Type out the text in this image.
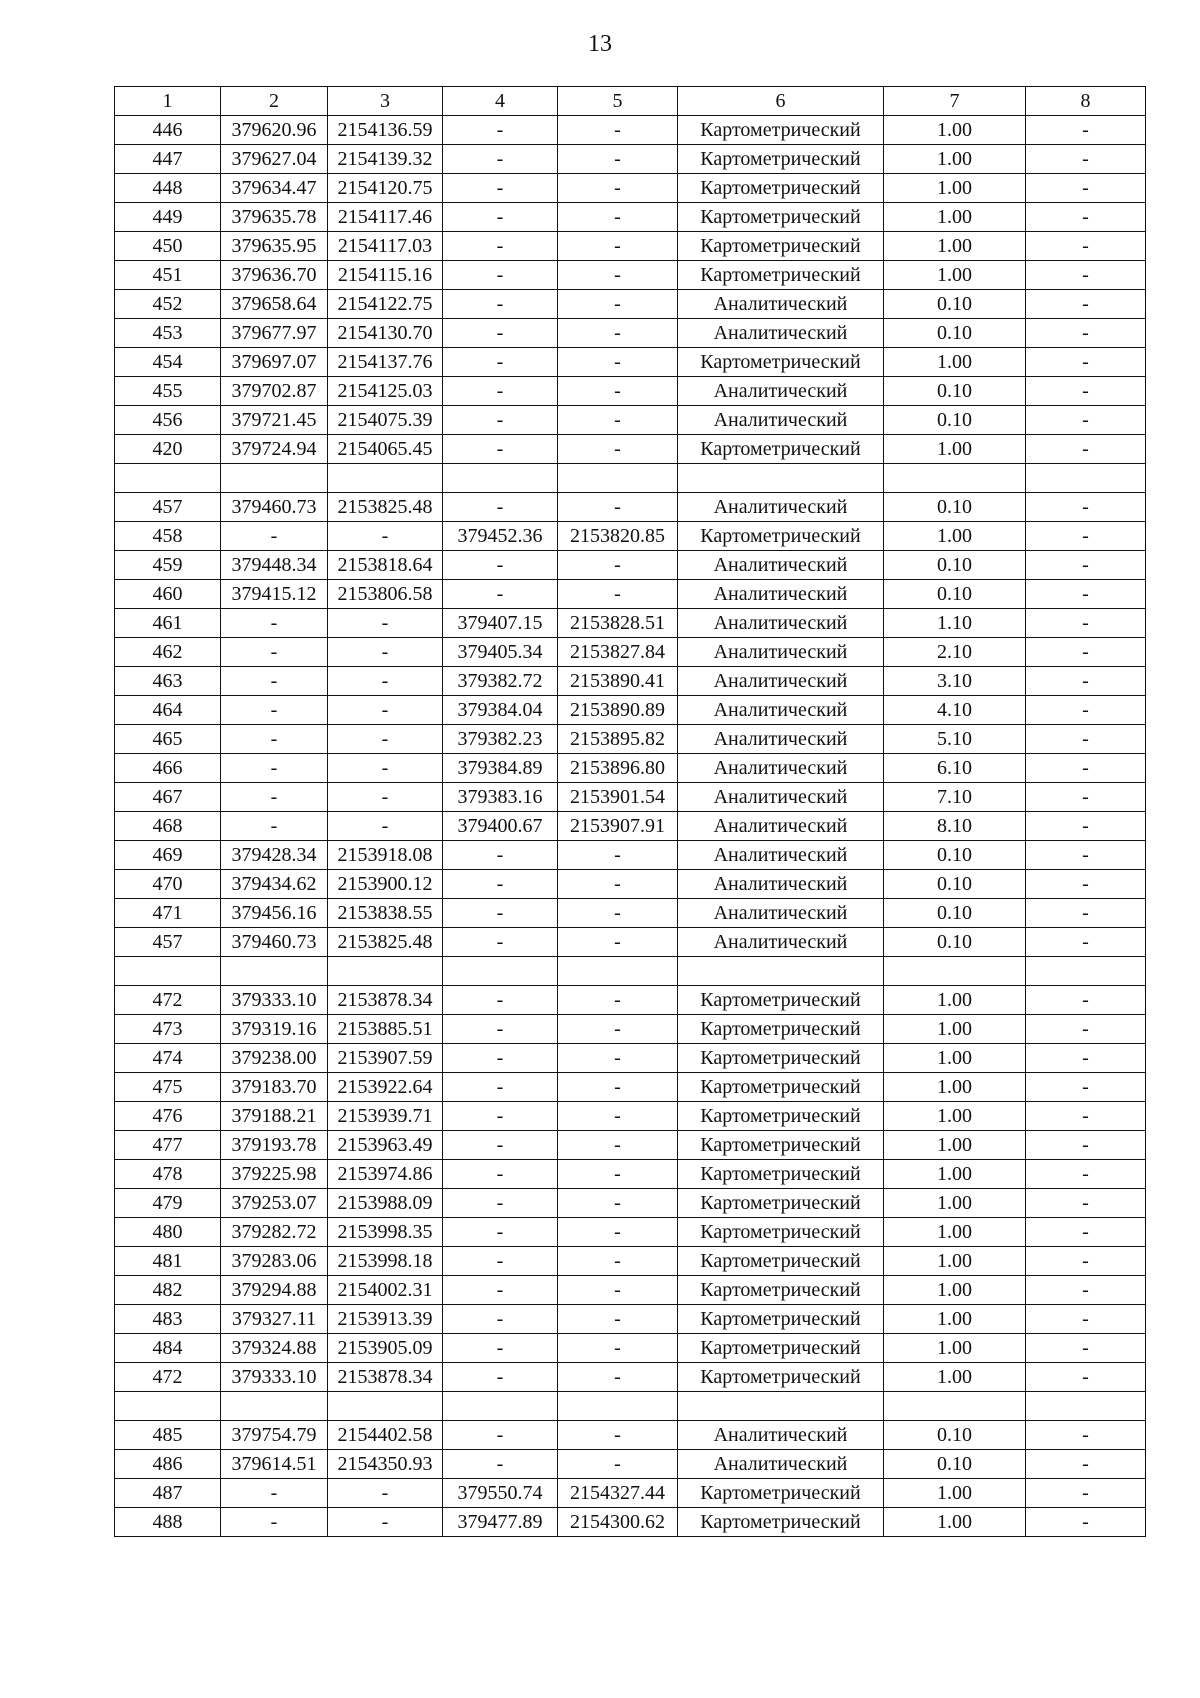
13
1	2	3	4	5	6	7	8
446	379620.96	2154136.59	-	-	Картометрический	1.00	-
447	379627.04	2154139.32	-	-	Картометрический	1.00	-
448	379634.47	2154120.75	-	-	Картометрический	1.00	-
449	379635.78	2154117.46	-	-	Картометрический	1.00	-
450	379635.95	2154117.03	-	-	Картометрический	1.00	-
451	379636.70	2154115.16	-	-	Картометрический	1.00	-
452	379658.64	2154122.75	-	-	Аналитический	0.10	-
453	379677.97	2154130.70	-	-	Аналитический	0.10	-
454	379697.07	2154137.76	-	-	Картометрический	1.00	-
455	379702.87	2154125.03	-	-	Аналитический	0.10	-
456	379721.45	2154075.39	-	-	Аналитический	0.10	-
420	379724.94	2154065.45	-	-	Картометрический	1.00	-

457	379460.73	2153825.48	-	-	Аналитический	0.10	-
458	-	-	379452.36	2153820.85	Картометрический	1.00	-
459	379448.34	2153818.64	-	-	Аналитический	0.10	-
460	379415.12	2153806.58	-	-	Аналитический	0.10	-
461	-	-	379407.15	2153828.51	Аналитический	1.10	-
462	-	-	379405.34	2153827.84	Аналитический	2.10	-
463	-	-	379382.72	2153890.41	Аналитический	3.10	-
464	-	-	379384.04	2153890.89	Аналитический	4.10	-
465	-	-	379382.23	2153895.82	Аналитический	5.10	-
466	-	-	379384.89	2153896.80	Аналитический	6.10	-
467	-	-	379383.16	2153901.54	Аналитический	7.10	-
468	-	-	379400.67	2153907.91	Аналитический	8.10	-
469	379428.34	2153918.08	-	-	Аналитический	0.10	-
470	379434.62	2153900.12	-	-	Аналитический	0.10	-
471	379456.16	2153838.55	-	-	Аналитический	0.10	-
457	379460.73	2153825.48	-	-	Аналитический	0.10	-

472	379333.10	2153878.34	-	-	Картометрический	1.00	-
473	379319.16	2153885.51	-	-	Картометрический	1.00	-
474	379238.00	2153907.59	-	-	Картометрический	1.00	-
475	379183.70	2153922.64	-	-	Картометрический	1.00	-
476	379188.21	2153939.71	-	-	Картометрический	1.00	-
477	379193.78	2153963.49	-	-	Картометрический	1.00	-
478	379225.98	2153974.86	-	-	Картометрический	1.00	-
479	379253.07	2153988.09	-	-	Картометрический	1.00	-
480	379282.72	2153998.35	-	-	Картометрический	1.00	-
481	379283.06	2153998.18	-	-	Картометрический	1.00	-
482	379294.88	2154002.31	-	-	Картометрический	1.00	-
483	379327.11	2153913.39	-	-	Картометрический	1.00	-
484	379324.88	2153905.09	-	-	Картометрический	1.00	-
472	379333.10	2153878.34	-	-	Картометрический	1.00	-

485	379754.79	2154402.58	-	-	Аналитический	0.10	-
486	379614.51	2154350.93	-	-	Аналитический	0.10	-
487	-	-	379550.74	2154327.44	Картометрический	1.00	-
488	-	-	379477.89	2154300.62	Картометрический	1.00	-
